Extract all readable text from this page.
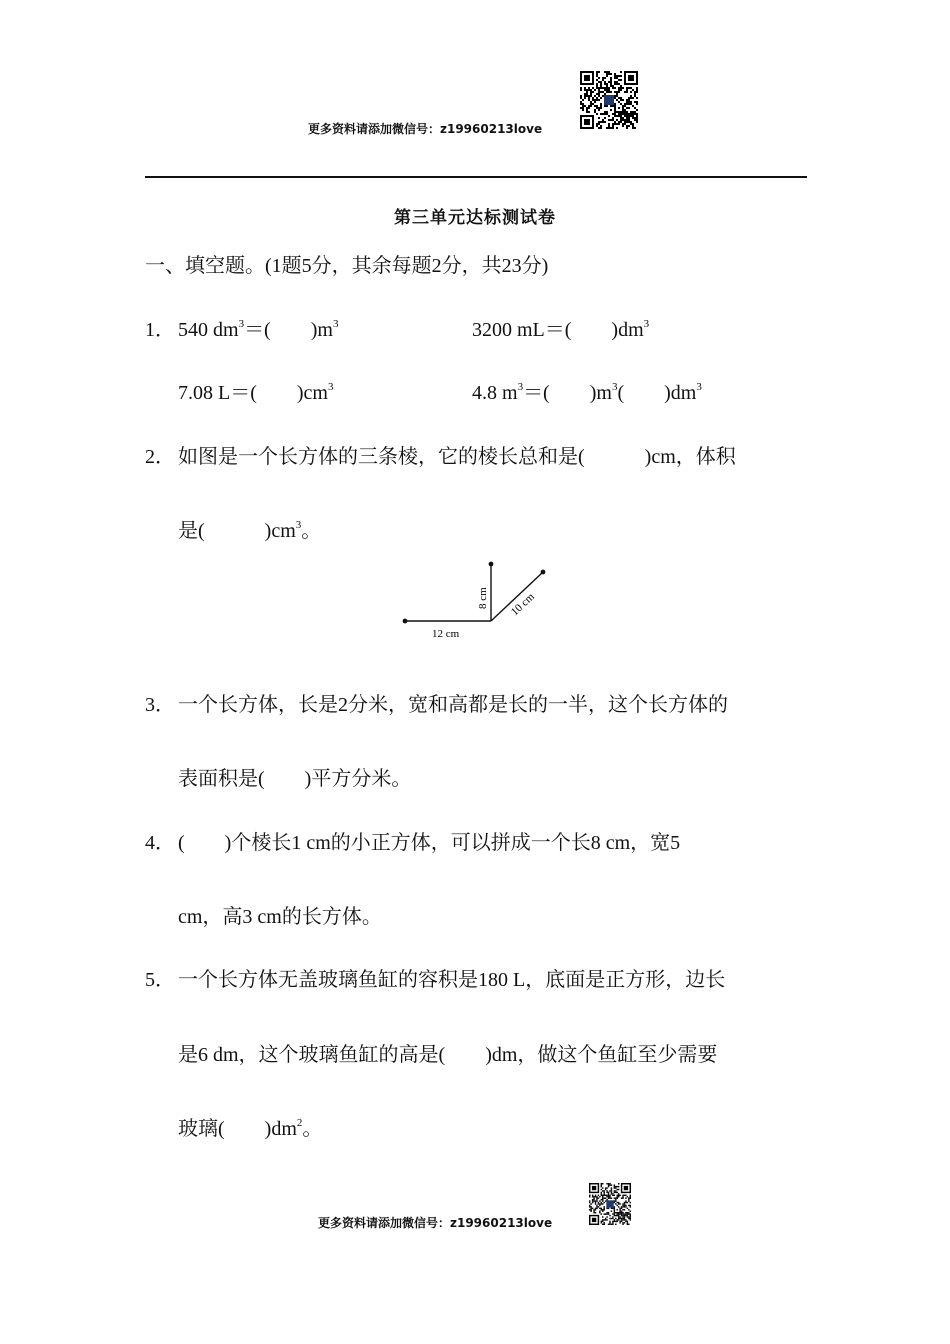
更多资料请添加微信号：z19960213love
第三单元达标测试卷
一、填空题。(1题5分，其余每题2分，共23分)
1． 540 $dm^3=$(　　)$m^3$	3200 mL＝(　　)$dm^3$
7.08 L＝(　　)$cm^3$	4.8 $m^3=$(　　)$m^3$(　　)$dm^3$
2． 如图是一个长方体的三条棱，它的棱长总和是(　　　)cm，体积
是(　　　)$cm^3$。
12 cm
8 cm 10 cm
3． 一个长方体，长是2分米，宽和高都是长的一半，这个长方体的
表面积是(　　)平方分米。
4． (　　)个棱长1 cm的小正方体，可以拼成一个长8 cm，宽5
cm，高3 cm的长方体。
5． 一个长方体无盖玻璃鱼缸的容积是180 L，底面是正方形，边长
是6 dm，这个玻璃鱼缸的高是(　　)dm，做这个鱼缸至少需要
玻璃(　　)$dm^2$。
更多资料请添加微信号：z19960213love
